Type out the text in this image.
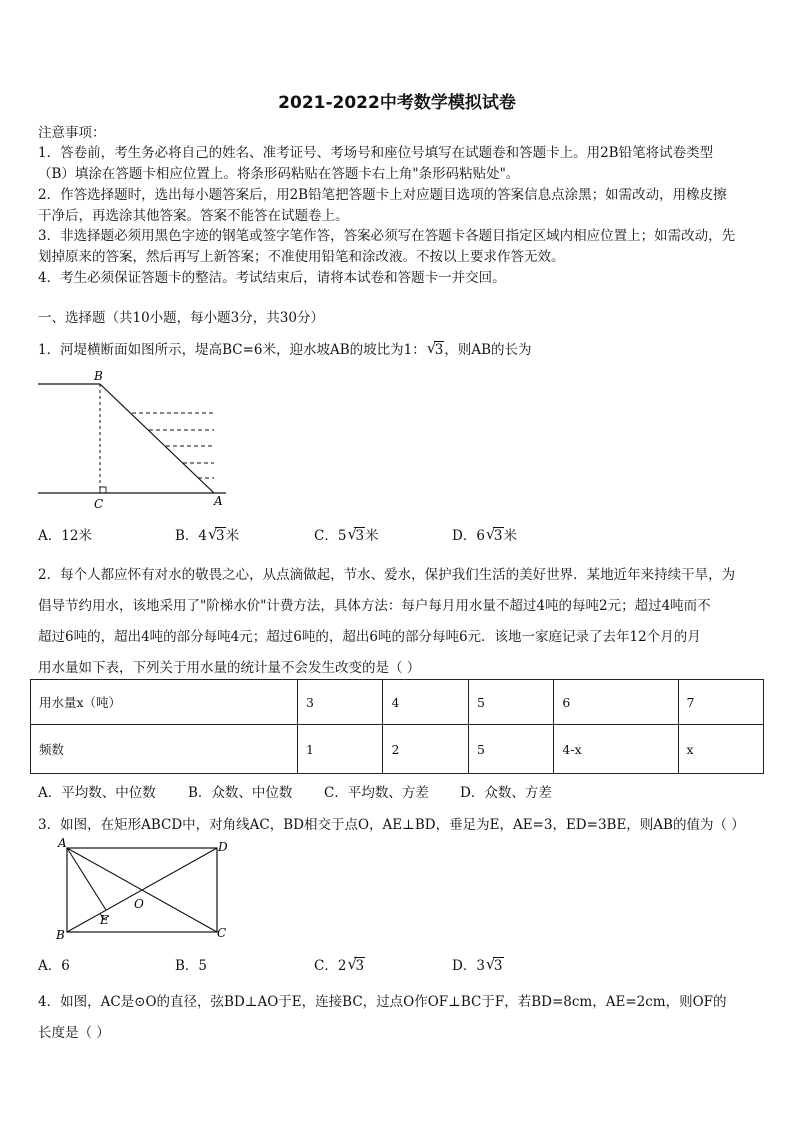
2021-2022中考数学模拟试卷
注意事项：
1．答卷前，考生务必将自己的姓名、准考证号、考场号和座位号填写在试题卷和答题卡上。用2B铅笔将试卷类型
（B）填涂在答题卡相应位置上。将条形码粘贴在答题卡右上角"条形码粘贴处"。
2．作答选择题时，选出每小题答案后，用2B铅笔把答题卡上对应题目选项的答案信息点涂黑；如需改动，用橡皮擦
干净后，再选涂其他答案。答案不能答在试题卷上。
3．非选择题必须用黑色字迹的钢笔或签字笔作答，答案必须写在答题卡各题目指定区域内相应位置上；如需改动，先
划掉原来的答案，然后再写上新答案；不准使用铅笔和涂改液。不按以上要求作答无效。
4．考生必须保证答题卡的整洁。考试结束后，请将本试卷和答题卡一并交回。
一、选择题（共10小题，每小题3分，共30分）
1．河堤横断面如图所示，堤高BC=6米，迎水坡AB的坡比为1： √
3，则AB的长为
B
C	A
A．12米	B．4 √
3米	C．5 √
3米	D．6 √
3米
2．每个人都应怀有对水的敬畏之心，从点滴做起，节水、爱水，保护我们生活的美好世界．某地近年来持续干旱，为
倡导节约用水，该地采用了"阶梯水价"计费方法，具体方法：每户每月用水量不超过4吨的每吨2元；超过4吨而不
超过6吨的，超出4吨的部分每吨4元；超过6吨的，超出6吨的部分每吨6元．该地一家庭记录了去年12个月的月
用水量如下表，下列关于用水量的统计量不会发生改变的是（ ）
用水量x（吨）	3	4	5	6	7
频数	1	2	5	4-x	x
A．平均数、中位数 B．众数、中位数 C．平均数、方差 D．众数、方差
3．如图，在矩形ABCD中，对角线AC，BD相交于点O，AE⊥BD，垂足为E，AE=3，ED=3BE，则AB的值为（ ）
A	D
B	C
E
O
A．6	B．5	C．2 √
3	D．3 √
3
4．如图，AC是⊙O的直径，弦BD⊥AO于E，连接BC，过点O作OF⊥BC于F，若BD=8cm，AE=2cm，则OF的
长度是（ ）
